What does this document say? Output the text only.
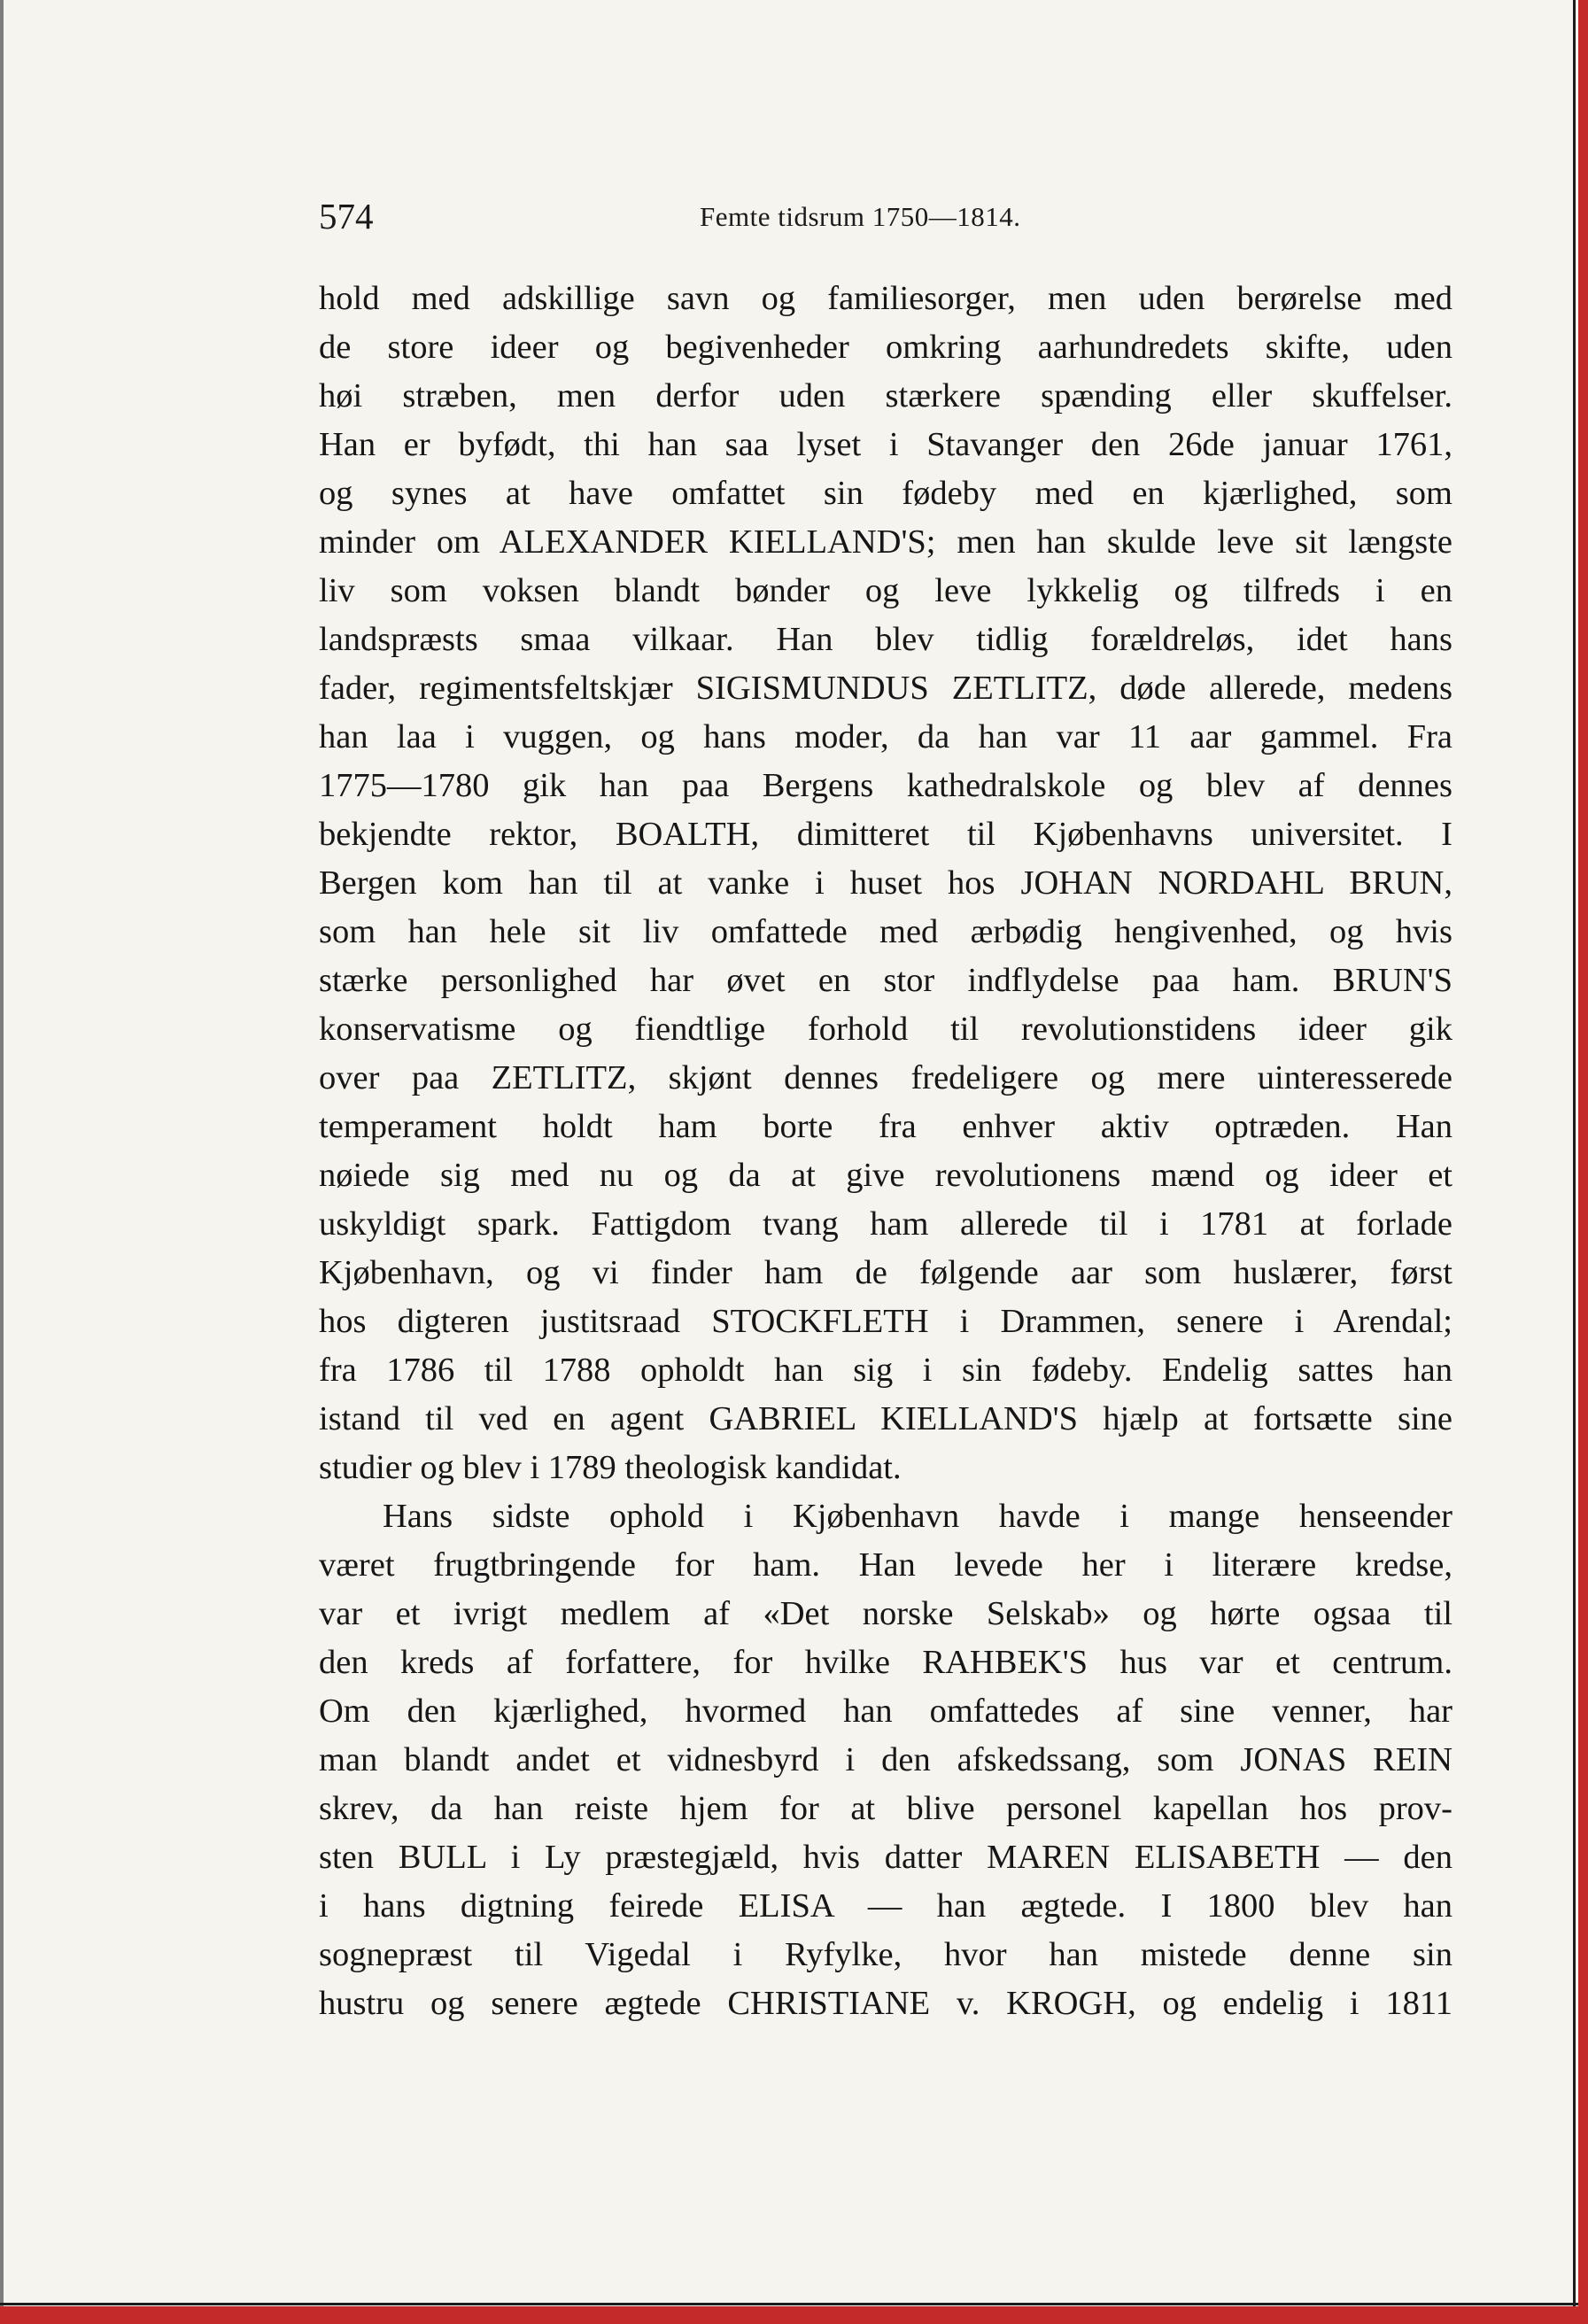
574	Femte tidsrum 1750—1814.
hold med adskillige savn og familiesorger, men uden berørelse med
de store ideer og begivenheder omkring aarhundredets skifte, uden
høi stræben, men derfor uden stærkere spænding eller skuffelser.
Han er byfødt, thi han saa lyset i Stavanger den 26de januar 1761,
og synes at have omfattet sin fødeby med en kjærlighed, som
minder om ALEXANDER KIELLAND'S; men han skulde leve sit længste
liv som voksen blandt bønder og leve lykkelig og tilfreds i en
landspræsts smaa vilkaar. Han blev tidlig forældreløs, idet hans
fader, regimentsfeltskjær SIGISMUNDUS ZETLITZ, døde allerede, medens
han laa i vuggen, og hans moder, da han var 11 aar gammel. Fra
1775—1780 gik han paa Bergens kathedralskole og blev af dennes
bekjendte rektor, BOALTH, dimitteret til Kjøbenhavns universitet. I
Bergen kom han til at vanke i huset hos JOHAN NORDAHL BRUN,
som han hele sit liv omfattede med ærbødig hengivenhed, og hvis
stærke personlighed har øvet en stor indflydelse paa ham. BRUN'S
konservatisme og fiendtlige forhold til revolutionstidens ideer gik
over paa ZETLITZ, skjønt dennes fredeligere og mere uinteresserede
temperament holdt ham borte fra enhver aktiv optræden. Han
nøiede sig med nu og da at give revolutionens mænd og ideer et
uskyldigt spark. Fattigdom tvang ham allerede til i 1781 at forlade
Kjøbenhavn, og vi finder ham de følgende aar som huslærer, først
hos digteren justitsraad STOCKFLETH i Drammen, senere i Arendal;
fra 1786 til 1788 opholdt han sig i sin fødeby. Endelig sattes han
istand til ved en agent GABRIEL KIELLAND'S hjælp at fortsætte sine
studier og blev i 1789 theologisk kandidat.
Hans sidste ophold i Kjøbenhavn havde i mange henseender
været frugtbringende for ham. Han levede her i literære kredse,
var et ivrigt medlem af «Det norske Selskab» og hørte ogsaa til
den kreds af forfattere, for hvilke RAHBEK'S hus var et centrum.
Om den kjærlighed, hvormed han omfattedes af sine venner, har
man blandt andet et vidnesbyrd i den afskedssang, som JONAS REIN
skrev, da han reiste hjem for at blive personel kapellan hos prov-
sten BULL i Ly præstegjæld, hvis datter MAREN ELISABETH — den
i hans digtning feirede ELISA — han ægtede. I 1800 blev han
sognepræst til Vigedal i Ryfylke, hvor han mistede denne sin
hustru og senere ægtede CHRISTIANE v. KROGH, og endelig i 1811
